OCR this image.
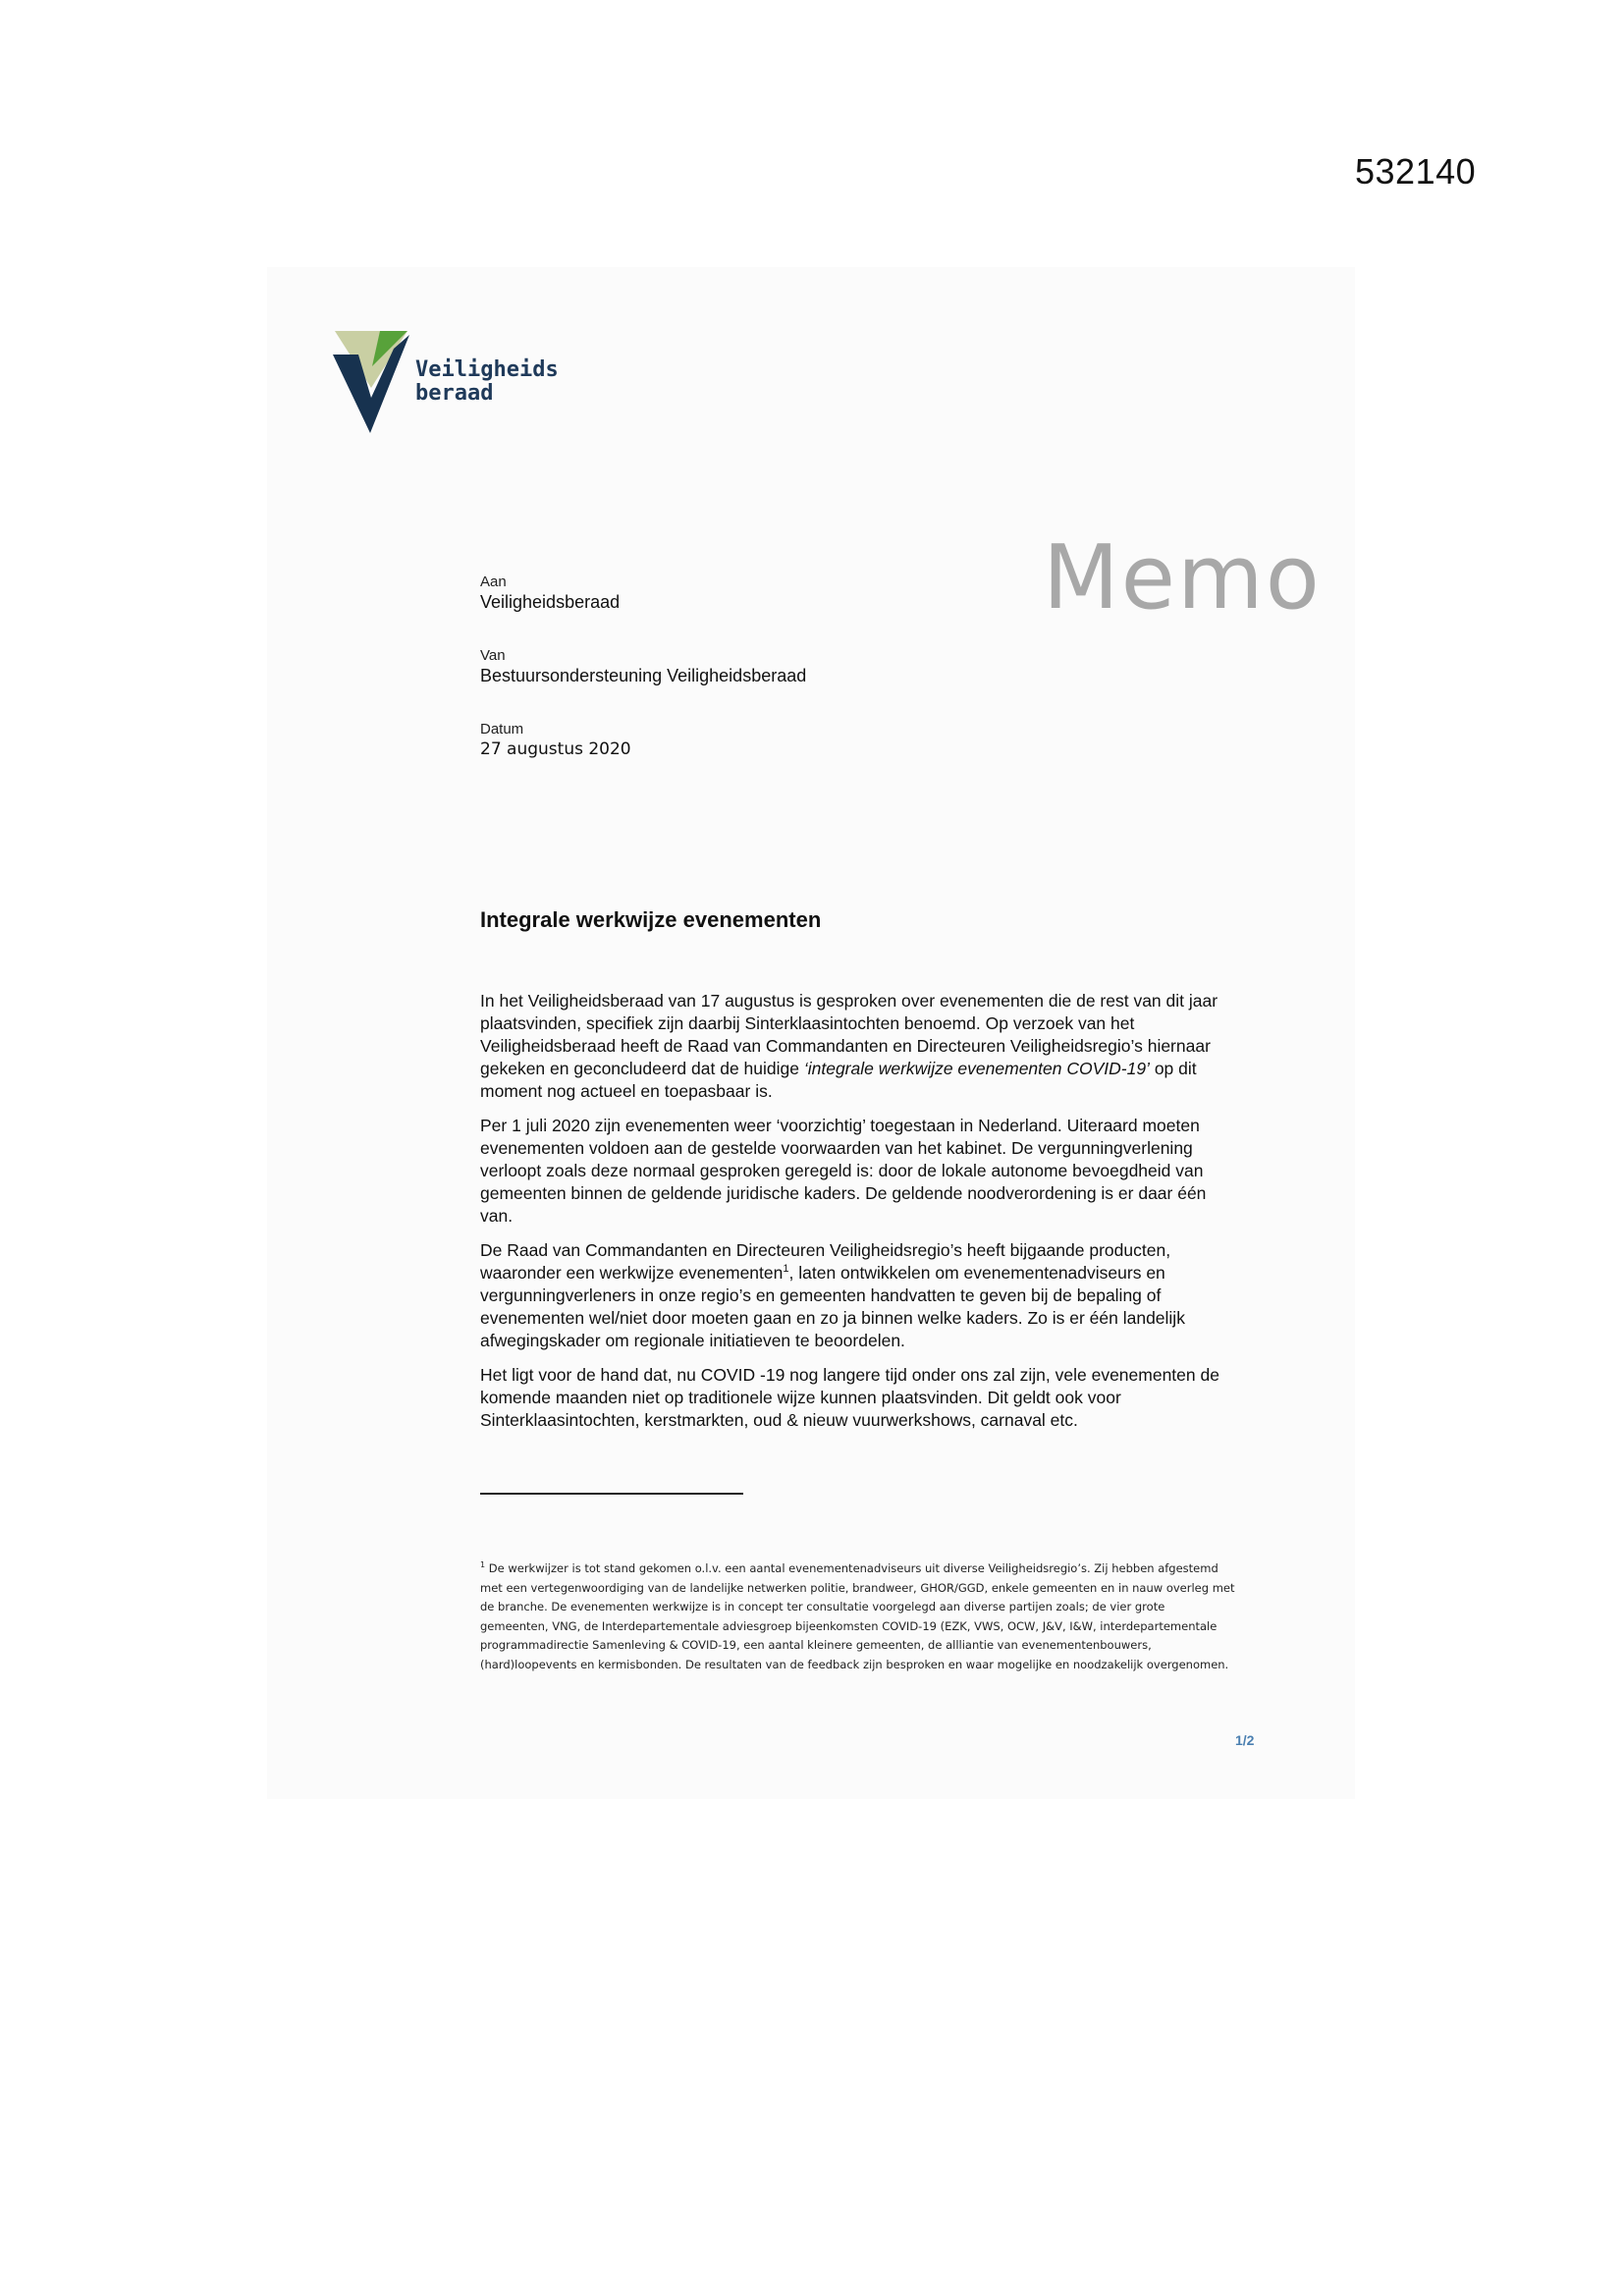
532140
Veiligheids
beraad
Memo
Aan
Veiligheidsberaad
Van
Bestuursondersteuning Veiligheidsberaad
Datum
27 augustus 2020
Integrale werkwijze evenementen

In het Veiligheidsberaad van 17 augustus is gesproken over evenementen die de rest van dit jaar plaatsvinden, specifiek zijn daarbij Sinterklaasintochten benoemd. Op verzoek van het Veiligheidsberaad heeft de Raad van Commandanten en Directeuren Veiligheidsregio’s hiernaar gekeken en geconcludeerd dat de huidige ‘integrale werkwijze evenementen COVID-19’ op dit moment nog actueel en toepasbaar is.

Per 1 juli 2020 zijn evenementen weer ‘voorzichtig’ toegestaan in Nederland. Uiteraard moeten evenementen voldoen aan de gestelde voorwaarden van het kabinet. De vergunningverlening verloopt zoals deze normaal gesproken geregeld is: door de lokale autonome bevoegdheid van gemeenten binnen de geldende juridische kaders. De geldende noodverordening is er daar één van.

De Raad van Commandanten en Directeuren Veiligheidsregio’s heeft bijgaande producten, waaronder een werkwijze evenementen$^1$, laten ontwikkelen om evenementenadviseurs en vergunningverleners in onze regio’s en gemeenten handvatten te geven bij de bepaling of evenementen wel/niet door moeten gaan en zo ja binnen welke kaders. Zo is er één landelijk afwegingskader om regionale initiatieven te beoordelen.

Het ligt voor de hand dat, nu COVID -19 nog langere tijd onder ons zal zijn, vele evenementen de komende maanden niet op traditionele wijze kunnen plaatsvinden. Dit geldt ook voor Sinterklaasintochten, kerstmarkten, oud & nieuw vuurwerkshows, carnaval etc.

$^1$ De werkwijzer is tot stand gekomen o.l.v. een aantal evenementenadviseurs uit diverse Veiligheidsregio’s. Zij hebben afgestemd met een vertegenwoordiging van de landelijke netwerken politie, brandweer, GHOR/GGD, enkele gemeenten en in nauw overleg met de branche. De evenementen werkwijze is in concept ter consultatie voorgelegd aan diverse partijen zoals; de vier grote gemeenten, VNG, de Interdepartementale adviesgroep bijeenkomsten COVID-19 (EZK, VWS, OCW, J&V, I&W, interdepartementale programmadirectie Samenleving & COVID-19, een aantal kleinere gemeenten, de allliantie van evenementenbouwers, (hard)loopevents en kermisbonden. De resultaten van de feedback zijn besproken en waar mogelijke en noodzakelijk overgenomen.
1/2
